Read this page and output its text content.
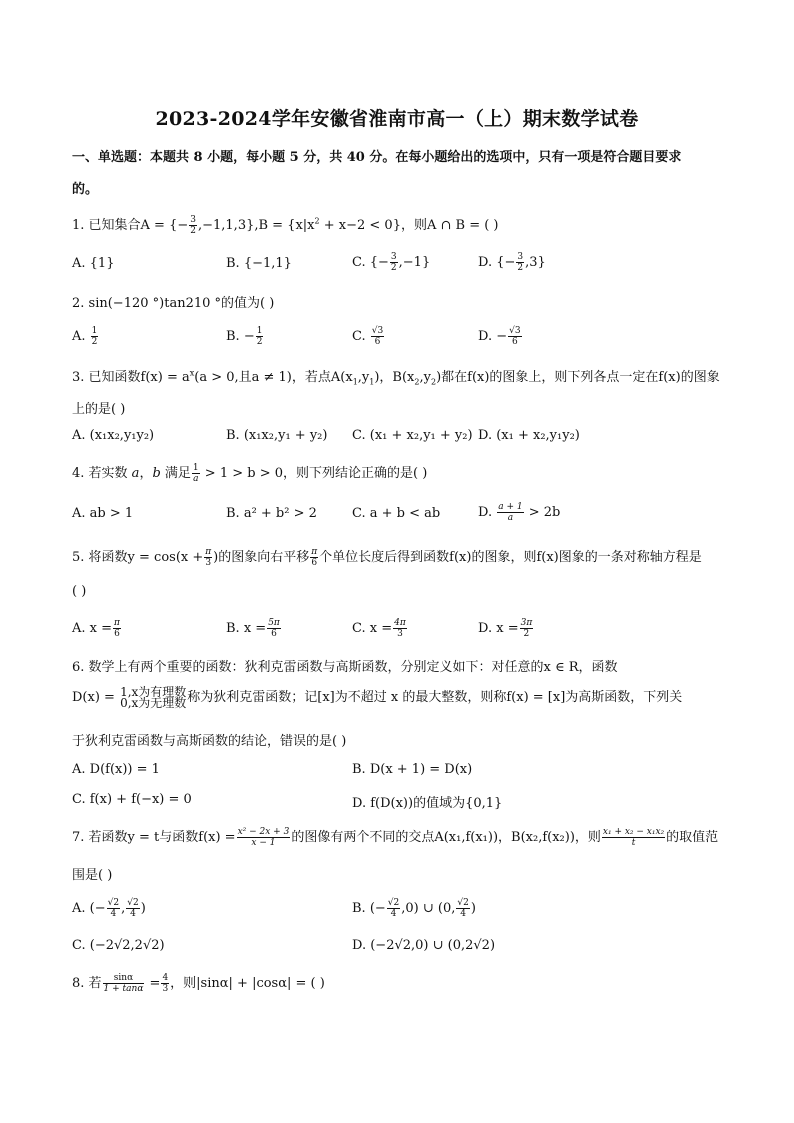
2023-2024学年安徽省淮南市高一（上）期末数学试卷
一、单选题：本题共 8 小题，每小题 5 分，共 40 分。在每小题给出的选项中，只有一项是符合题目要求
的。
1. 已知集合A = {− $\frac{3}{2} ,-1,1,3\},B = \{x|x^2 + x-2 < 0\}$，则A ∩ B = ( )
A. {1}	B. {−1,1}	C. {− $\frac{3}{2} ,-1$}	D. {− $\frac{3}{2} ,3$}
2. sin(−120 °)tan210 °的值为( )
A. $\frac{1}{2}$	B. − $\frac{1}{2}$	C. $\frac{√3}{6}$	D. − $\frac{√3}{6}$
3. 已知函数$f(x) = a^x(a > 0$,且a ≠ 1)，若点$A(x_1,y_1)$，$B(x_2,y_2)$都在f(x)的图象上，则下列各点一定在f(x)的图象
上的是( )
A. (x₁x₂,y₁y₂)	B. (x₁x₂,y₁ + y₂) C. (x₁ + x₂,y₁ + y₂) D. (x₁ + x₂,y₁y₂)
4. 若实数 a，b 满足 $\frac{1}{a} > 1 > b > 0$，则下列结论正确的是( )
A. ab > 1	B. a² + b² > 2	C. a + b < ab	D. $\frac{a + 1}{a} > 2b$
5. 将函数$y = \cos(x + \frac{\pi}{3}$ )的图象向右平移 $\frac{\pi}{6}$ 个单位长度后得到函数f(x)的图象，则f(x)图象的一条对称轴方程是
( )
A. $x = \frac{\pi}{6}$	B. $x = \frac{5\pi}{6}$	C. $x = \frac{4\pi}{3}$	D. $x = \frac{3\pi}{2}$
6. 数学上有两个重要的函数：狄利克雷函数与高斯函数，分别定义如下：对任意的x ∈ R，函数
D(x) = 1,x为有理数
0,x为无理数 称为狄利克雷函数；记[x]为不超过 x 的最大整数，则称f(x) = [x]为高斯函数，下列关
于狄利克雷函数与高斯函数的结论，错误的是( )
A. D(f(x)) = 1	B. D(x + 1) = D(x)
C. f(x) + f(−x) = 0	D. f(D(x))的值域为{0,1}
7. 若函数y = t与函数$f(x) = \frac{\text{x² − 2x + 3}}{x - 1}$ 的图像有两个不同的交点A(x₁,f(x₁))，B(x₂,f(x₂))，则 $\frac{\text{x₁ + x₂ − x₁x₂}}{t}$ 的取值范
围是( )
A. (− $\frac{√2}{4}$ , $\frac{√2}{4}$ )	B. (− $\frac{√2}{4} ,0$) ∪ (0, $\frac{√2}{4}$ )
C. (−2√2,2√2)	D. (−2√2,0) ∪ (0,2√2)
8. 若 $\frac{\sin\alpha}{1 + \tan\alpha} = \frac{4}{3}$ ，则|sinα| + |cosα| = ( )
